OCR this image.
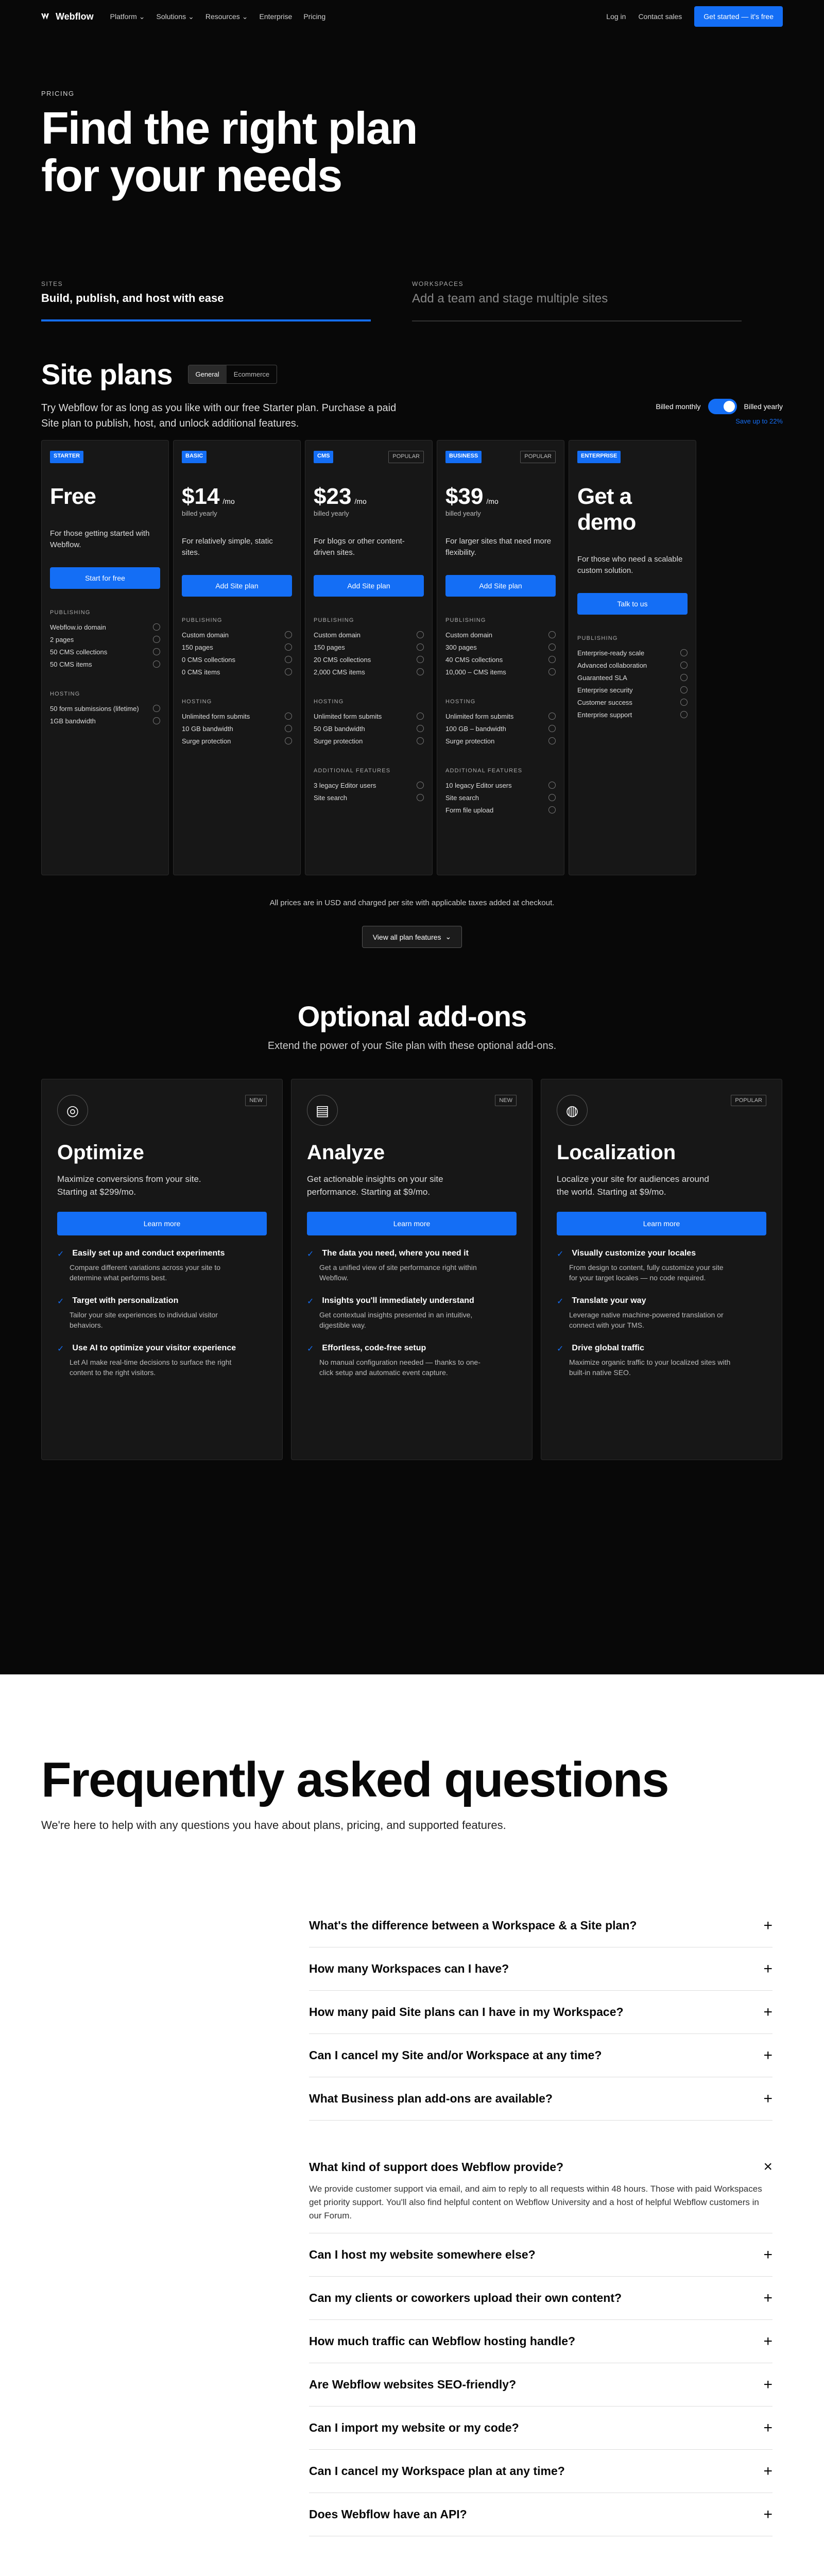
Webflow Platform ⌄ Solutions ⌄ Resources ⌄ Enterprise Pricing	Log in Contact sales	Get started — it's free
PRICING
Find the right plan for your needs
SITES
Build, publish, and host with ease
WORKSPACES
Add a team and stage multiple sites
Site plans	General	Ecommerce

Try Webflow for as long as you like with our free Starter plan. Purchase a paid Site plan to publish, host, and unlock additional features.

Billed monthly	Billed yearly
Save up to 22%
STARTER
Free
For those getting started with Webflow.
Start for free
PUBLISHING
Webflow.io domain
2 pages
50 CMS collections
50 CMS items
HOSTING
50 form submissions (lifetime)
1GB bandwidth
BASIC
$14 /mo
billed yearly
For relatively simple, static sites.
Add Site plan
PUBLISHING
Custom domain
150 pages
0 CMS collections
0 CMS items
HOSTING
Unlimited form submits
10 GB bandwidth
Surge protection
CMS	POPULAR
$23 /mo
billed yearly
For blogs or other content-driven sites.
Add Site plan
PUBLISHING
Custom domain
150 pages
20 CMS collections
2,000 CMS items
HOSTING
Unlimited form submits
50 GB bandwidth
Surge protection
ADDITIONAL FEATURES
3 legacy Editor users
Site search
BUSINESS	POPULAR
$39 /mo
billed yearly
For larger sites that need more flexibility.
Add Site plan
PUBLISHING
Custom domain
300 pages
40 CMS collections
10,000 – CMS items
HOSTING
Unlimited form submits
100 GB – bandwidth
Surge protection
ADDITIONAL FEATURES
10 legacy Editor users
Site search
Form file upload
ENTERPRISE
Get a demo
For those who need a scalable custom solution.
Talk to us
PUBLISHING
Enterprise-ready scale
Advanced collaboration
Guaranteed SLA
Enterprise security
Customer success
Enterprise support
All prices are in USD and charged per site with applicable taxes added at checkout.
View all plan features ⌄
Optional add-ons

Extend the power of your Site plan with these optional add-ons.

◎
NEW
Optimize
Maximize conversions from your site. Starting at $299/mo.
Learn more
✓ Easily set up and conduct experiments
Compare different variations across your site to determine what performs best.
✓ Target with personalization
Tailor your site experiences to individual visitor behaviors.
✓ Use AI to optimize your visitor experience
Let AI make real-time decisions to surface the right content to the right visitors.
▤
NEW
Analyze
Get actionable insights on your site performance. Starting at $9/mo.
Learn more
✓ The data you need, where you need it
Get a unified view of site performance right within Webflow.
✓ Insights you'll immediately understand
Get contextual insights presented in an intuitive, digestible way.
✓ Effortless, code-free setup
No manual configuration needed — thanks to one-click setup and automatic event capture.
◍
POPULAR
Localization
Localize your site for audiences around the world. Starting at $9/mo.
Learn more
✓ Visually customize your locales
From design to content, fully customize your site for your target locales — no code required.
✓ Translate your way
Leverage native machine-powered translation or connect with your TMS.
✓ Drive global traffic
Maximize organic traffic to your localized sites with built-in native SEO.
Frequently asked questions

We're here to help with any questions you have about plans, pricing, and supported features.

What's the difference between a Workspace & a Site plan?	+
How many Workspaces can I have?	+
How many paid Site plans can I have in my Workspace?	+
Can I cancel my Site and/or Workspace at any time?	+
What Business plan add-ons are available?	+
What kind of support does Webflow provide?	×
We provide customer support via email, and aim to reply to all requests within 48 hours. Those with paid Workspaces get priority support. You'll also find helpful content on Webflow University and a host of helpful Webflow customers in our Forum.
Can I host my website somewhere else?	+
Can my clients or coworkers upload their own content?	+
How much traffic can Webflow hosting handle?	+
Are Webflow websites SEO-friendly?	+
Can I import my website or my code?	+
Can I cancel my Workspace plan at any time?	+
Does Webflow have an API?	+
